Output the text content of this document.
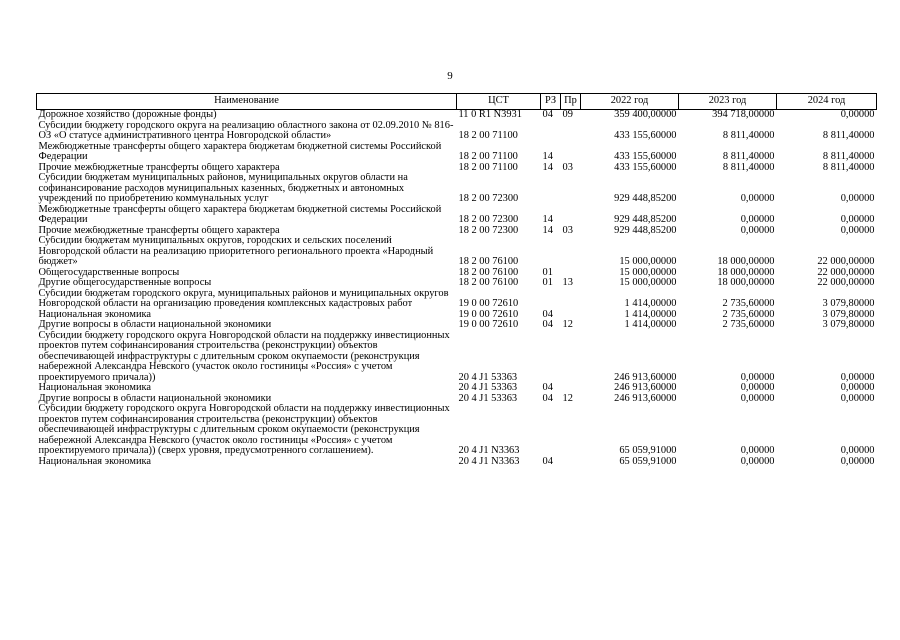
9
Наименование	ЦСТ	РЗ	Пр	2022 год	2023 год	2024 год
Дорожное хозяйство (дорожные фонды)	11 0 R1 N3931	04	09	359 400,00000	394 718,00000	0,00000
Субсидии бюджету городского округа на реализацию областного закона от 02.09.2010 № 816-ОЗ «О статусе административного центра Новгородской области»	18 2 00 71100			433 155,60000	8 811,40000	8 811,40000
Межбюджетные трансферты общего характера бюджетам бюджетной системы Российской Федерации	18 2 00 71100	14		433 155,60000	8 811,40000	8 811,40000
Прочие межбюджетные трансферты общего характера	18 2 00 71100	14	03	433 155,60000	8 811,40000	8 811,40000
Субсидии бюджетам муниципальных районов, муниципальных округов области на софинансирование расходов муниципальных казенных, бюджетных и автономных учреждений по приобретению коммунальных услуг	18 2 00 72300			929 448,85200	0,00000	0,00000
Межбюджетные трансферты общего характера бюджетам бюджетной системы Российской Федерации	18 2 00 72300	14		929 448,85200	0,00000	0,00000
Прочие межбюджетные трансферты общего характера	18 2 00 72300	14	03	929 448,85200	0,00000	0,00000
Субсидии бюджетам муниципальных округов, городских и сельских поселений Новгородской области на реализацию приоритетного регионального проекта «Народный бюджет»	18 2 00 76100			15 000,00000	18 000,00000	22 000,00000
Общегосударственные вопросы	18 2 00 76100	01		15 000,00000	18 000,00000	22 000,00000
Другие общегосударственные вопросы	18 2 00 76100	01	13	15 000,00000	18 000,00000	22 000,00000
Субсидии бюджетам городского округа, муниципальных районов и муниципальных округов Новгородской области на организацию проведения комплексных кадастровых работ	19 0 00 72610			1 414,00000	2 735,60000	3 079,80000
Национальная экономика	19 0 00 72610	04		1 414,00000	2 735,60000	3 079,80000
Другие вопросы в области национальной экономики	19 0 00 72610	04	12	1 414,00000	2 735,60000	3 079,80000
Субсидии бюджету городского округа Новгородской области на поддержку инвестиционных проектов путем софинансирования строительства (реконструкции) объектов обеспечивающей инфраструктуры с длительным сроком окупаемости (реконструкция набережной Александра Невского (участок около гостиницы «Россия» с учетом проектируемого причала))	20 4 J1 53363			246 913,60000	0,00000	0,00000
Национальная экономика	20 4 J1 53363	04		246 913,60000	0,00000	0,00000
Другие вопросы в области национальной экономики	20 4 J1 53363	04	12	246 913,60000	0,00000	0,00000
Субсидии бюджету городского округа Новгородской области на поддержку инвестиционных проектов путем софинансирования строительства (реконструкции) объектов обеспечивающей инфраструктуры с длительным сроком окупаемости (реконструкция набережной Александра Невского (участок около гостиницы «Россия» с учетом проектируемого причала)) (сверх уровня, предусмотренного соглашением).	20 4 J1 N3363			65 059,91000	0,00000	0,00000
Национальная экономика	20 4 J1 N3363	04		65 059,91000	0,00000	0,00000
